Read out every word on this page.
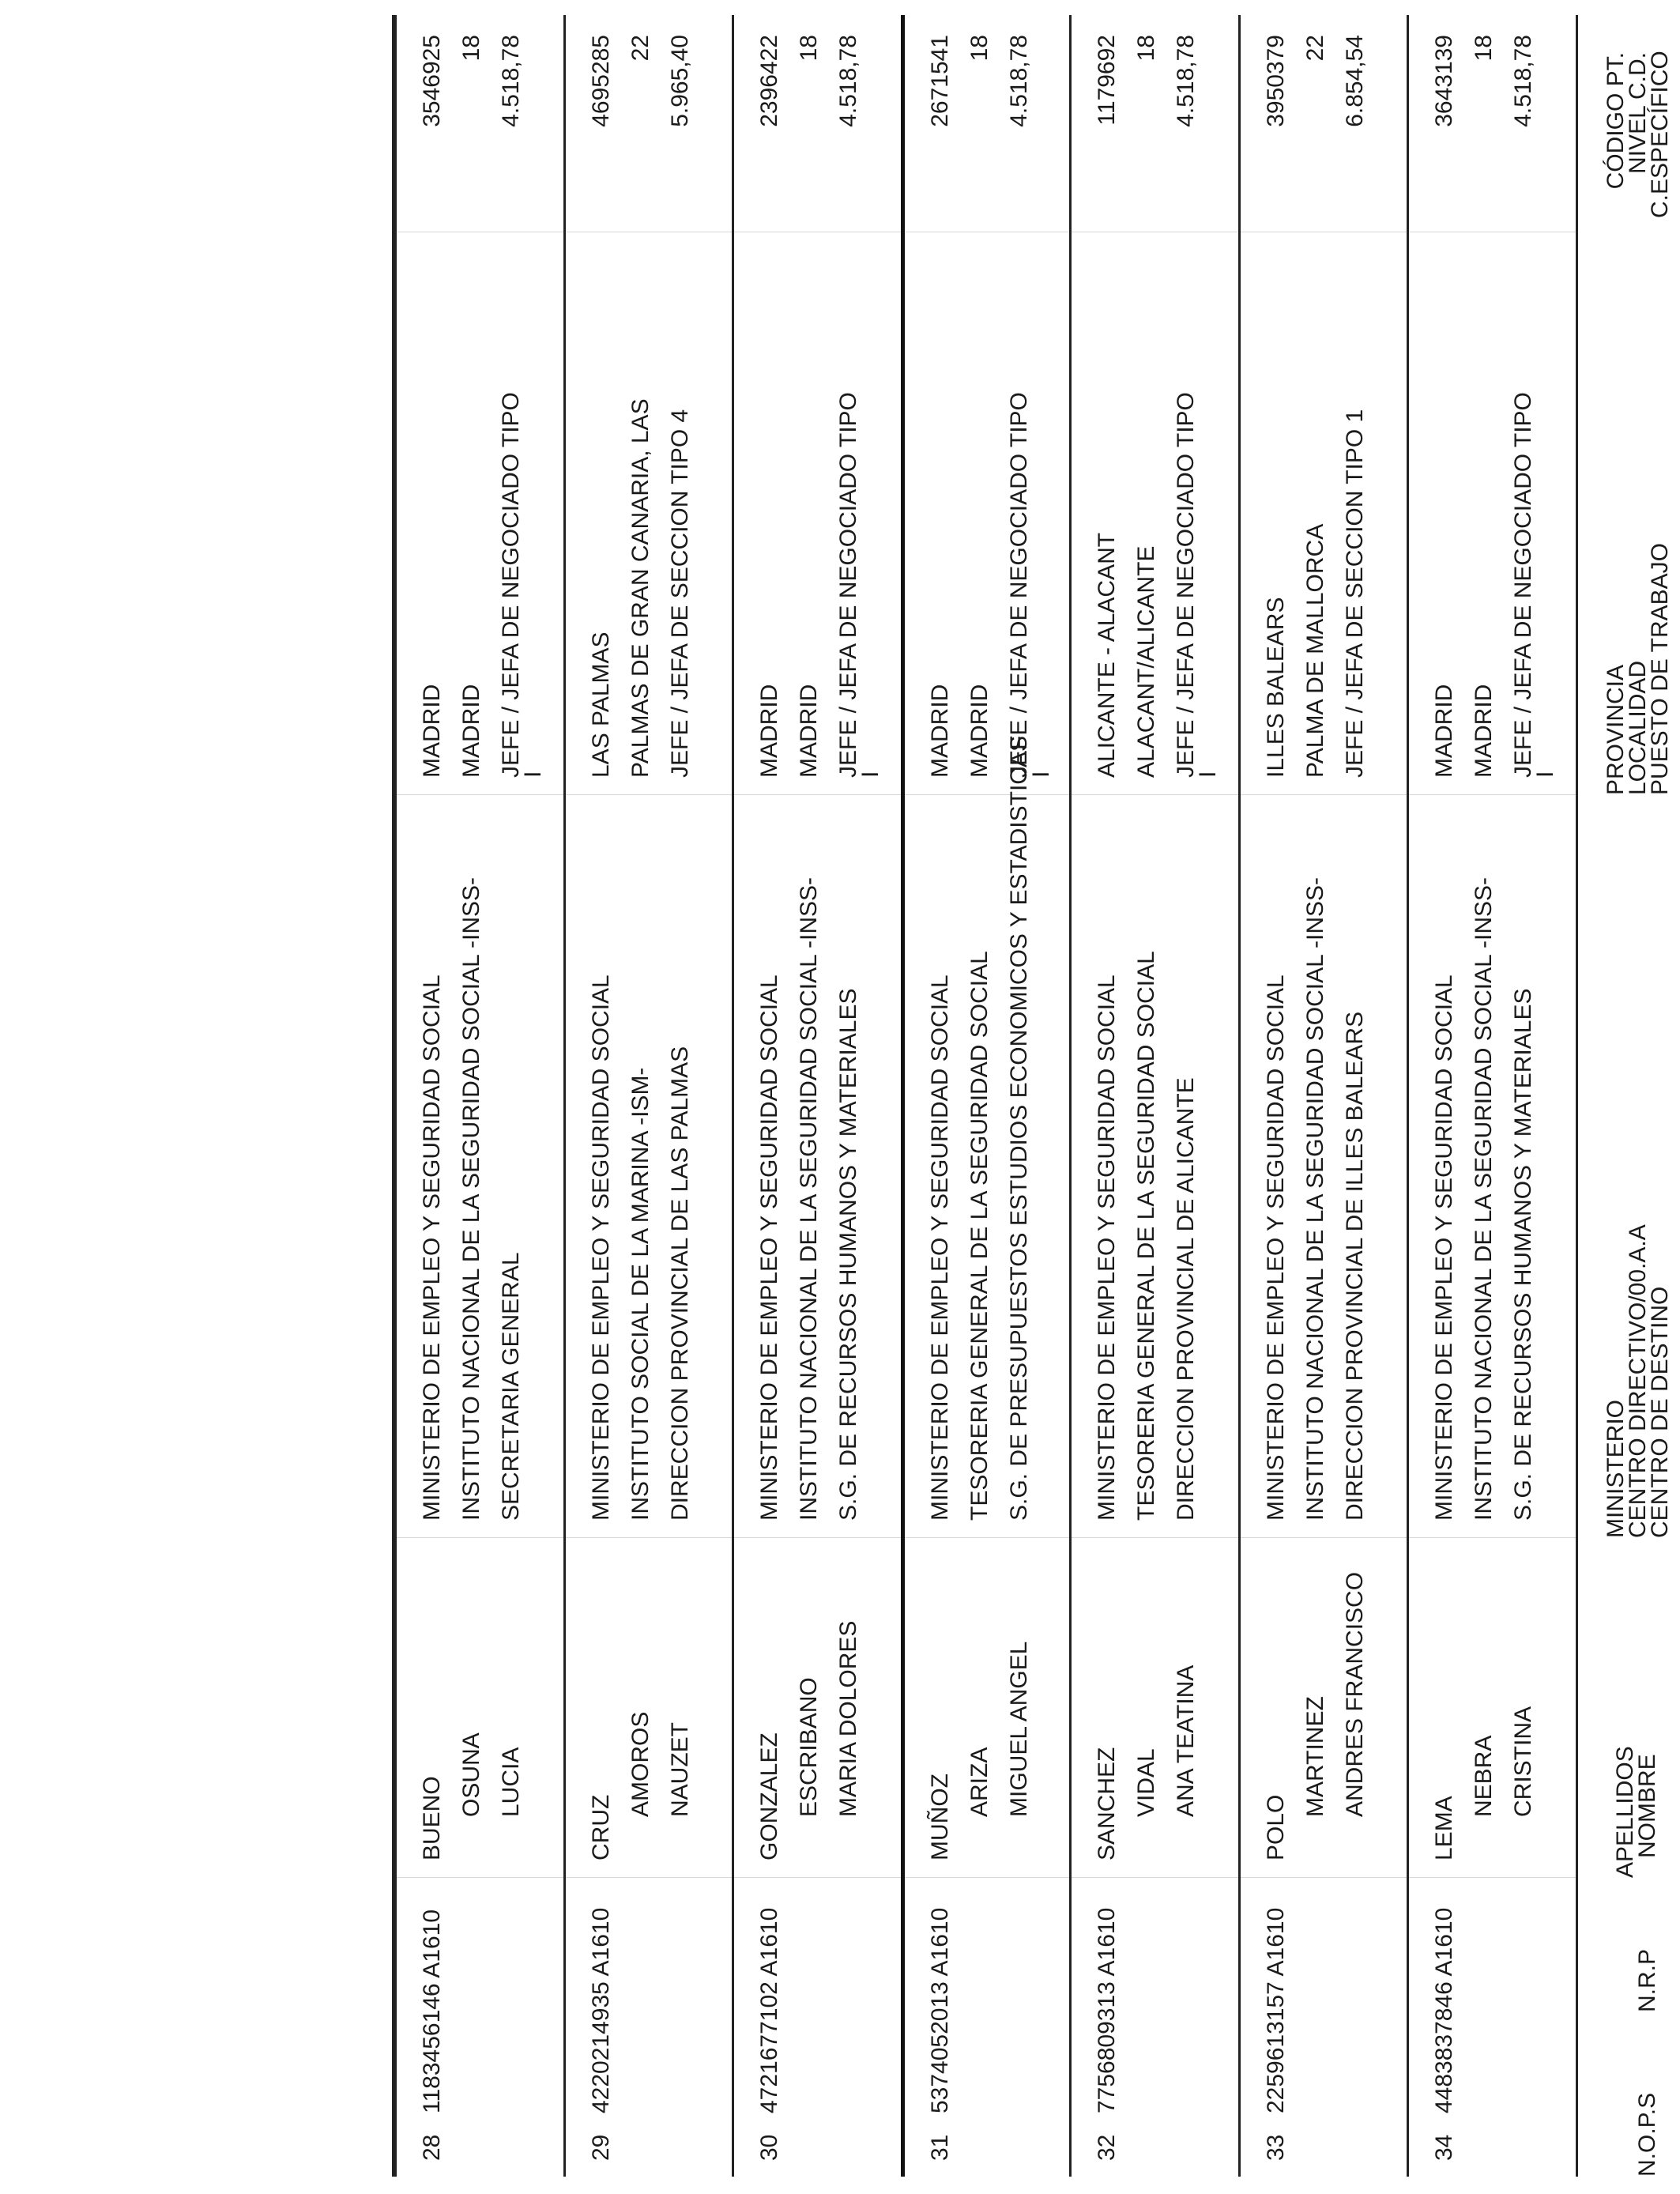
N.O.P.S
N.R.P
APELLIDOS
NOMBRE
MINISTERIO
CENTRO DIRECTIVO/00.A.A
CENTRO DE DESTINO
PROVINCIA
LOCALIDAD
PUESTO DE TRABAJO
CÓDIGO PT.
NIVEL C.D.
C.ESPECÍFICO
28
1183456146 A1610
BUENO
OSUNA LUCIA
MINISTERIO DE EMPLEO Y SEGURIDAD SOCIAL INSTITUTO NACIONAL DE LA SEGURIDAD SOCIAL -INSS- SECRETARIA GENERAL
MADRID MADRID JEFE / JEFA DE NEGOCIADO TIPO
I
3546925 18 4.518,78
29
4220214935 A1610
CRUZ
AMOROS NAUZET
MINISTERIO DE EMPLEO Y SEGURIDAD SOCIAL INSTITUTO SOCIAL DE LA MARINA -ISM- DIRECCION PROVINCIAL DE LAS PALMAS
LAS PALMAS PALMAS DE GRAN CANARIA, LAS JEFE / JEFA DE SECCION TIPO 4
4695285 22 5.965,40
30
4721677102 A1610
GONZALEZ ESCRIBANO MARIA DOLORES
MINISTERIO DE EMPLEO Y SEGURIDAD SOCIAL INSTITUTO NACIONAL DE LA SEGURIDAD SOCIAL -INSS- S.G. DE RECURSOS HUMANOS Y MATERIALES
MADRID MADRID JEFE / JEFA DE NEGOCIADO TIPO
I
2396422 18 4.518,78
31
5374052013 A1610
MUÑOZ ARIZA MIGUEL ANGEL
MINISTERIO DE EMPLEO Y SEGURIDAD SOCIAL TESORERIA GENERAL DE LA SEGURIDAD SOCIAL S.G. DE PRESUPUESTOS ESTUDIOS ECONOMICOS Y ESTADISTICAS
MADRID MADRID JEFE / JEFA DE NEGOCIADO TIPO
I
2671541 18 4.518,78
32
7756809313 A1610
SANCHEZ VIDAL ANA TEATINA
MINISTERIO DE EMPLEO Y SEGURIDAD SOCIAL TESORERIA GENERAL DE LA SEGURIDAD SOCIAL DIRECCION PROVINCIAL DE ALICANTE
ALICANTE - ALACANT ALACANT/ALICANTE JEFE / JEFA DE NEGOCIADO TIPO
I
1179692 18 4.518,78
33
2259613157 A1610
POLO
MARTINEZ ANDRES FRANCISCO
MINISTERIO DE EMPLEO Y SEGURIDAD SOCIAL INSTITUTO NACIONAL DE LA SEGURIDAD SOCIAL -INSS- DIRECCION PROVINCIAL DE ILLES BALEARS
ILLES BALEARS PALMA DE MALLORCA JEFE / JEFA DE SECCION TIPO 1
3950379 22 6.854,54
34
4483837846 A1610
LEMA
NEBRA CRISTINA
MINISTERIO DE EMPLEO Y SEGURIDAD SOCIAL INSTITUTO NACIONAL DE LA SEGURIDAD SOCIAL -INSS- S.G. DE RECURSOS HUMANOS Y MATERIALES
MADRID MADRID JEFE / JEFA DE NEGOCIADO TIPO
I
3643139 18 4.518,78
